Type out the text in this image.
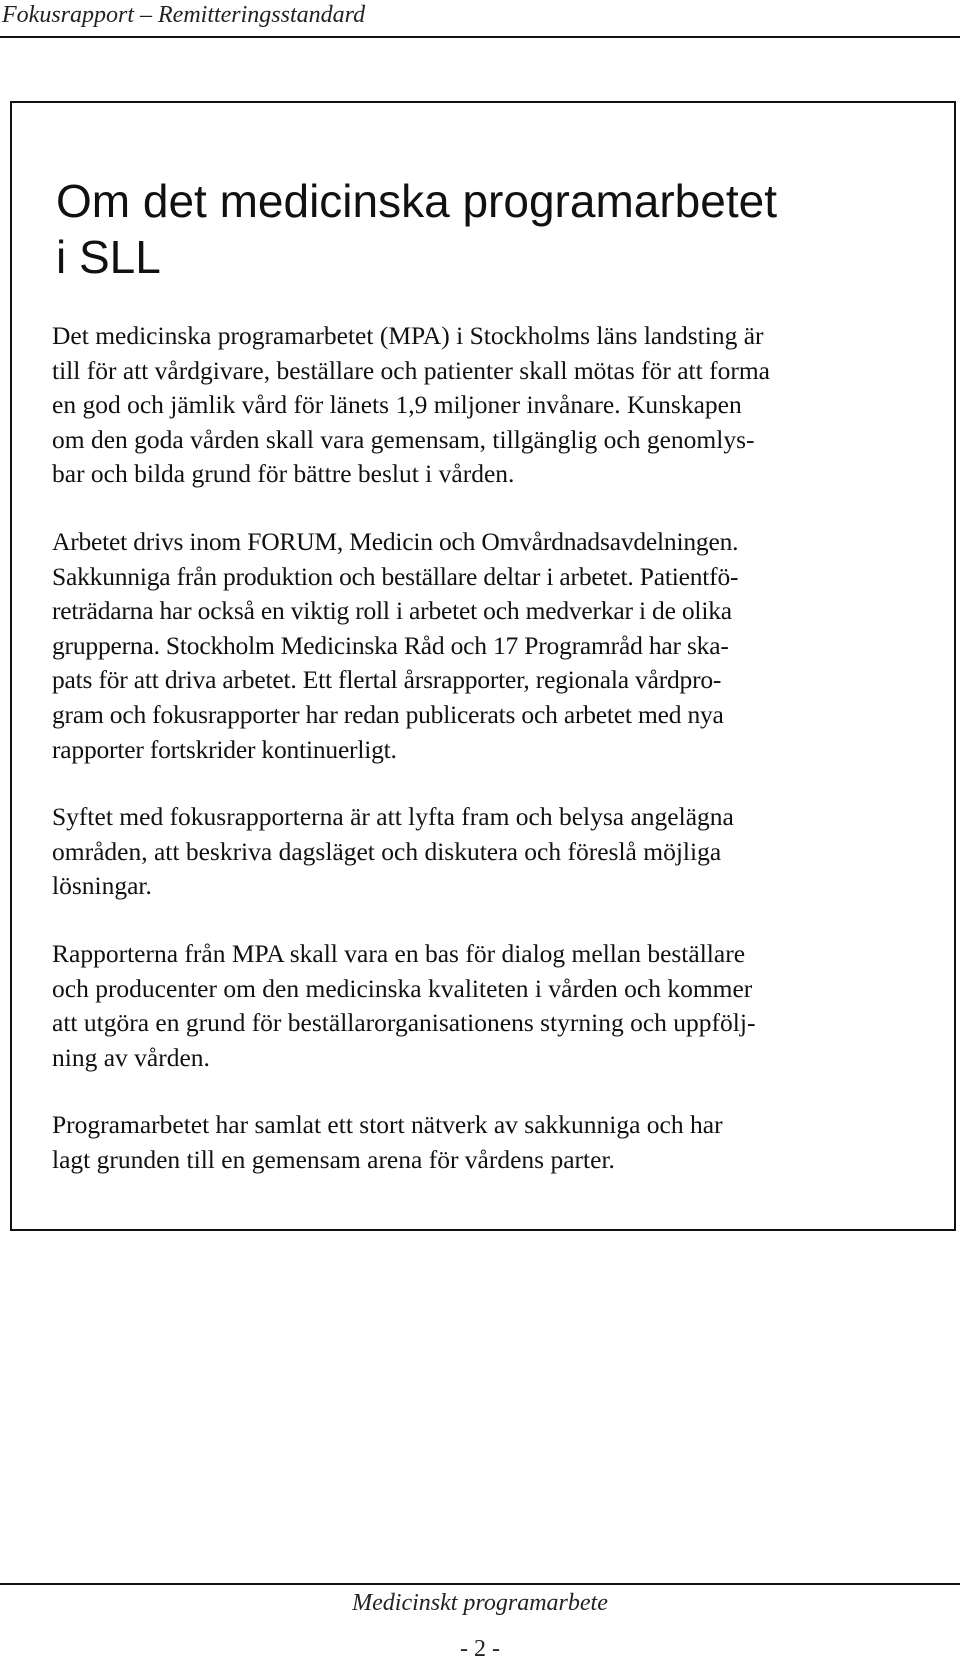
Fokusrapport – Remitteringsstandard
Om det medicinska programarbetet
i SLL

Det medicinska programarbetet (MPA) i Stockholms läns landsting är
till för att vårdgivare, beställare och patienter skall mötas för att forma
en god och jämlik vård för länets 1,9 miljoner invånare. Kunskapen
om den goda vården skall vara gemensam, tillgänglig och genomlys-
bar och bilda grund för bättre beslut i vården.

Arbetet drivs inom FORUM, Medicin och Omvårdnadsavdelningen.
Sakkunniga från produktion och beställare deltar i arbetet. Patientfö-
reträdarna har också en viktig roll i arbetet och medverkar i de olika
grupperna. Stockholm Medicinska Råd och 17 Programråd har ska-
pats för att driva arbetet. Ett flertal årsrapporter, regionala vårdpro-
gram och fokusrapporter har redan publicerats och arbetet med nya
rapporter fortskrider kontinuerligt.

Syftet med fokusrapporterna är att lyfta fram och belysa angelägna
områden, att beskriva dagsläget och diskutera och föreslå möjliga
lösningar.

Rapporterna från MPA skall vara en bas för dialog mellan beställare
och producenter om den medicinska kvaliteten i vården och kommer
att utgöra en grund för beställarorganisationens styrning och uppfölj-
ning av vården.

Programarbetet har samlat ett stort nätverk av sakkunniga och har
lagt grunden till en gemensam arena för vårdens parter.

Medicinskt programarbete
- 2 -
